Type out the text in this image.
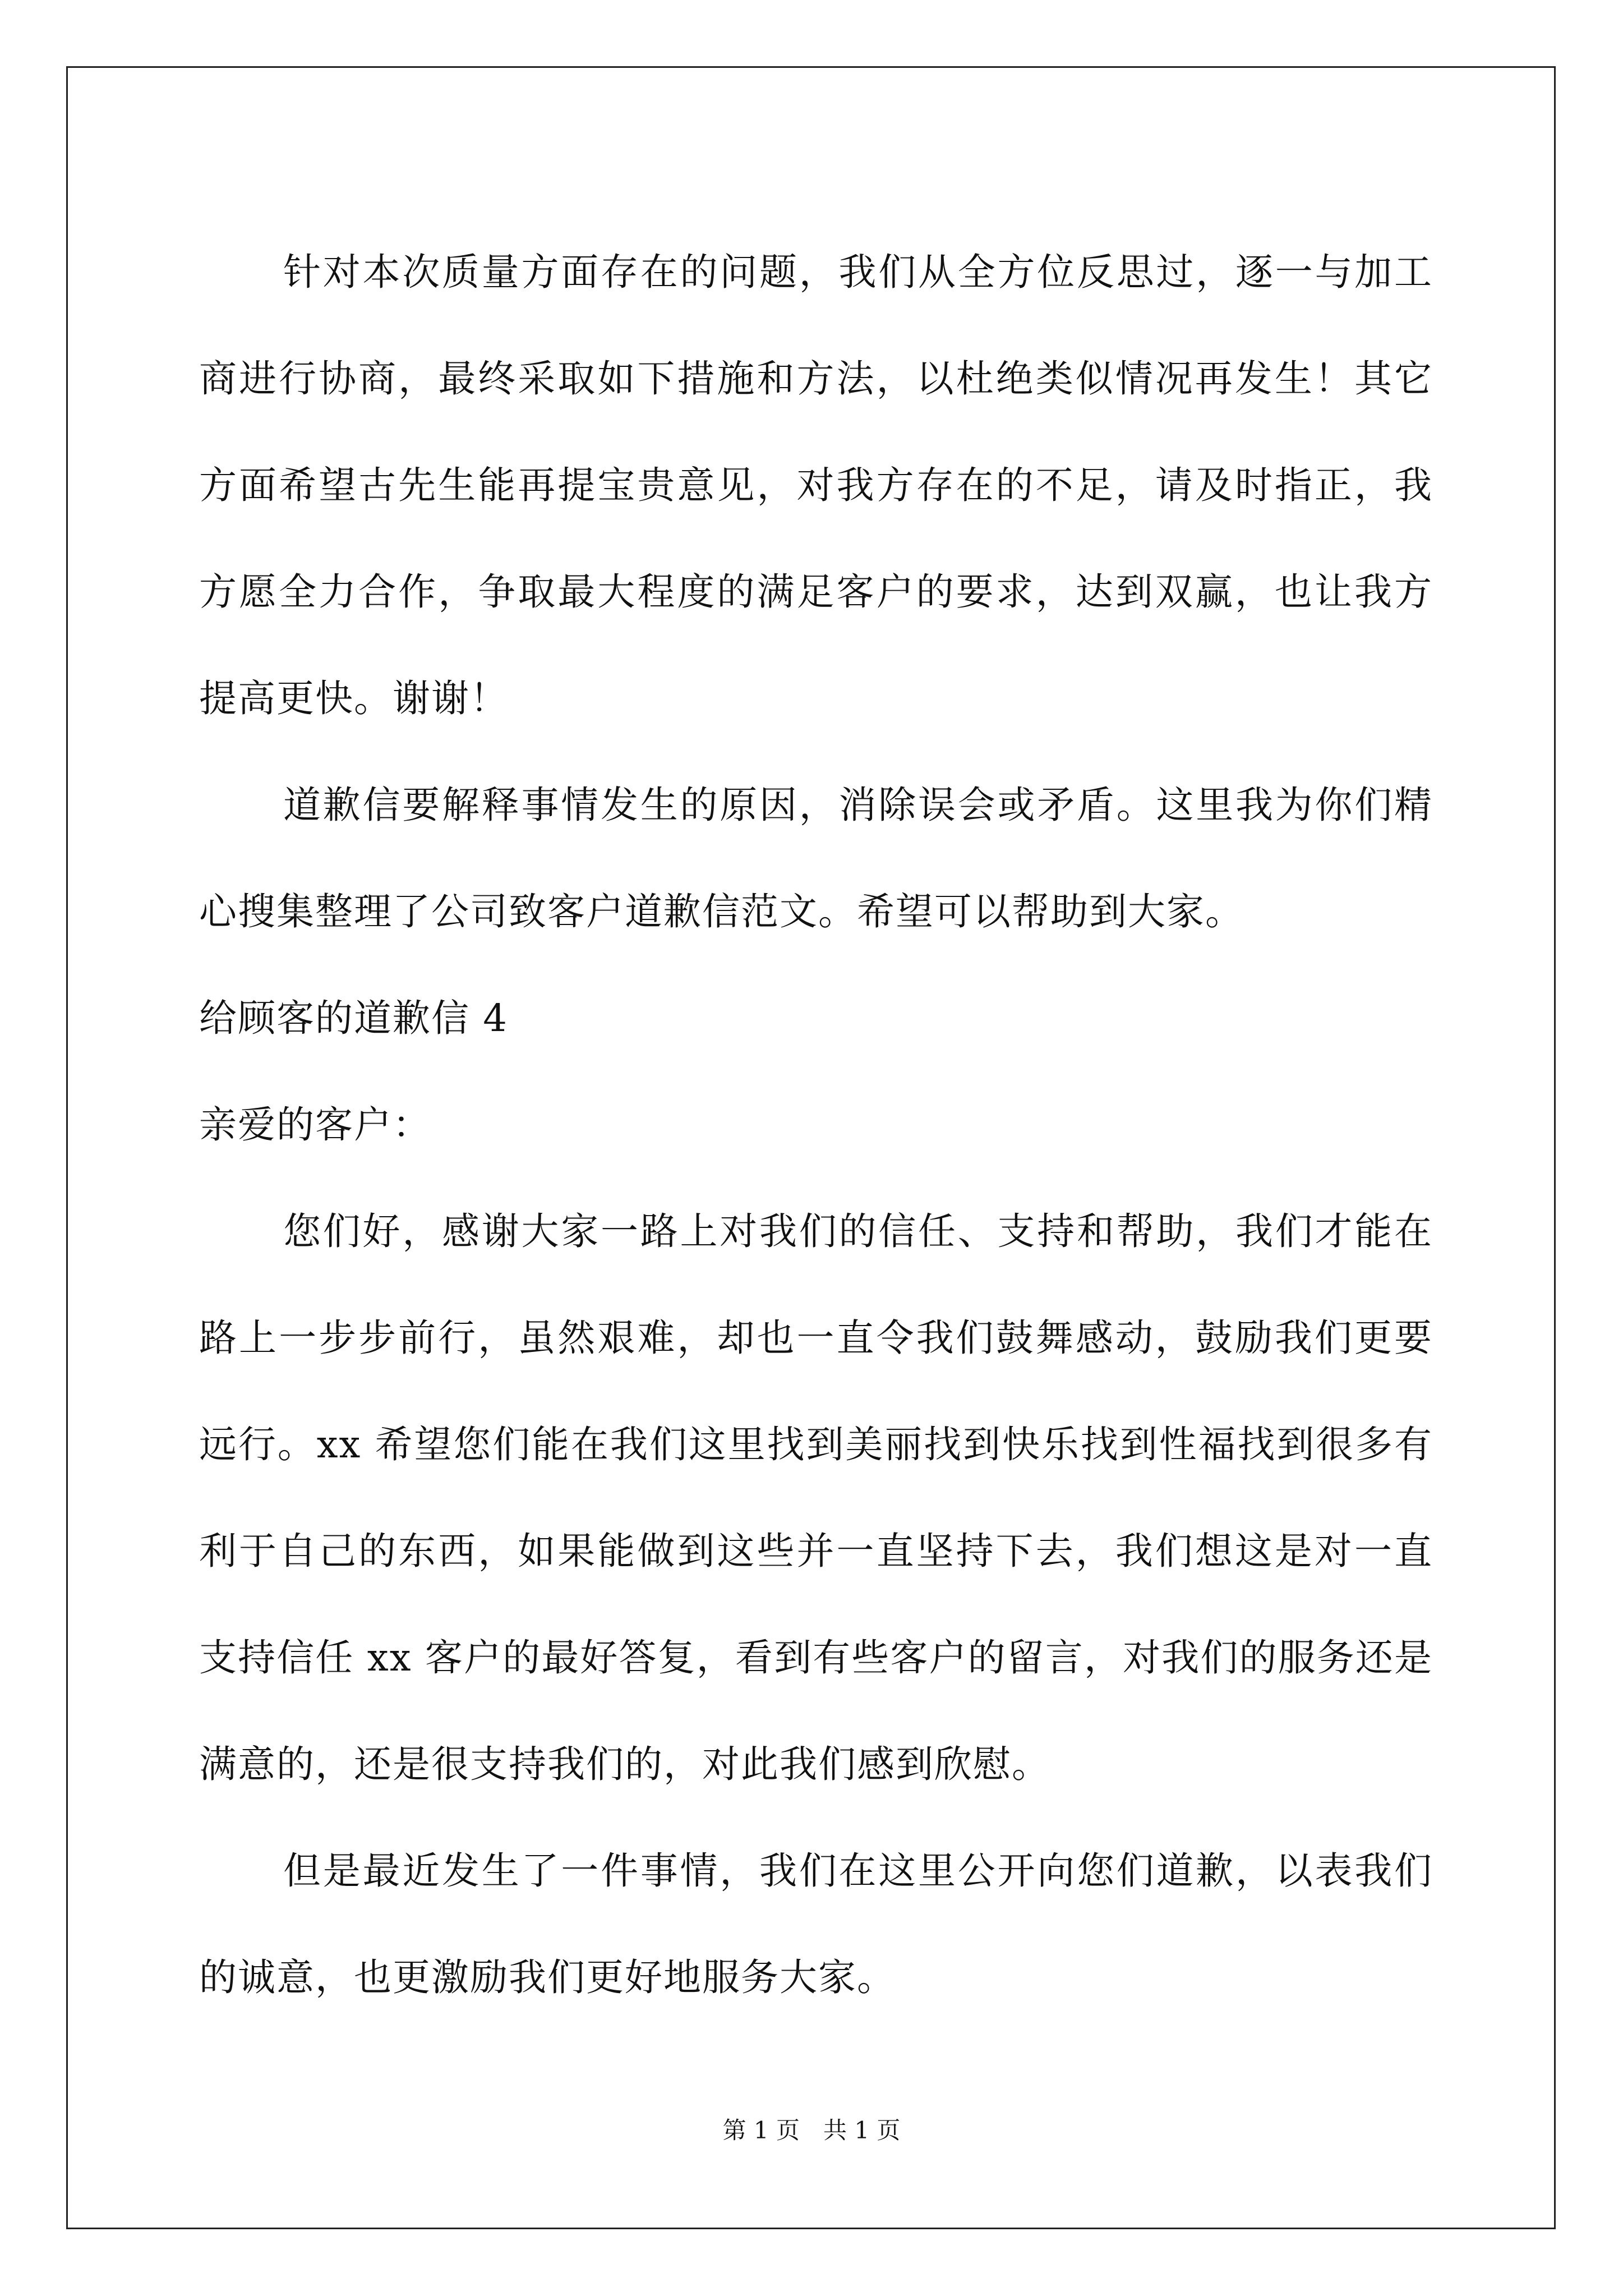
针对本次质量方面存在的问题，我们从全方位反思过，逐一与加工商进行协商，最终采取如下措施和方法，以杜绝类似情况再发生！其它方面希望古先生能再提宝贵意见，对我方存在的不足，请及时指正，我方愿全力合作，争取最大程度的满足客户的要求，达到双赢，也让我方提高更快。谢谢！

道歉信要解释事情发生的原因，消除误会或矛盾。这里我为你们精心搜集整理了公司致客户道歉信范文。希望可以帮助到大家。

给顾客的道歉信 4

亲爱的客户：

您们好，感谢大家一路上对我们的信任、支持和帮助，我们才能在路上一步步前行，虽然艰难，却也一直令我们鼓舞感动，鼓励我们更要远行。xx 希望您们能在我们这里找到美丽找到快乐找到性福找到很多有利于自己的东西，如果能做到这些并一直坚持下去，我们想这是对一直支持信任 xx 客户的最好答复，看到有些客户的留言，对我们的服务还是满意的，还是很支持我们的，对此我们感到欣慰。

但是最近发生了一件事情，我们在这里公开向您们道歉，以表我们的诚意，也更激励我们更好地服务大家。

第 1 页　共 1 页
